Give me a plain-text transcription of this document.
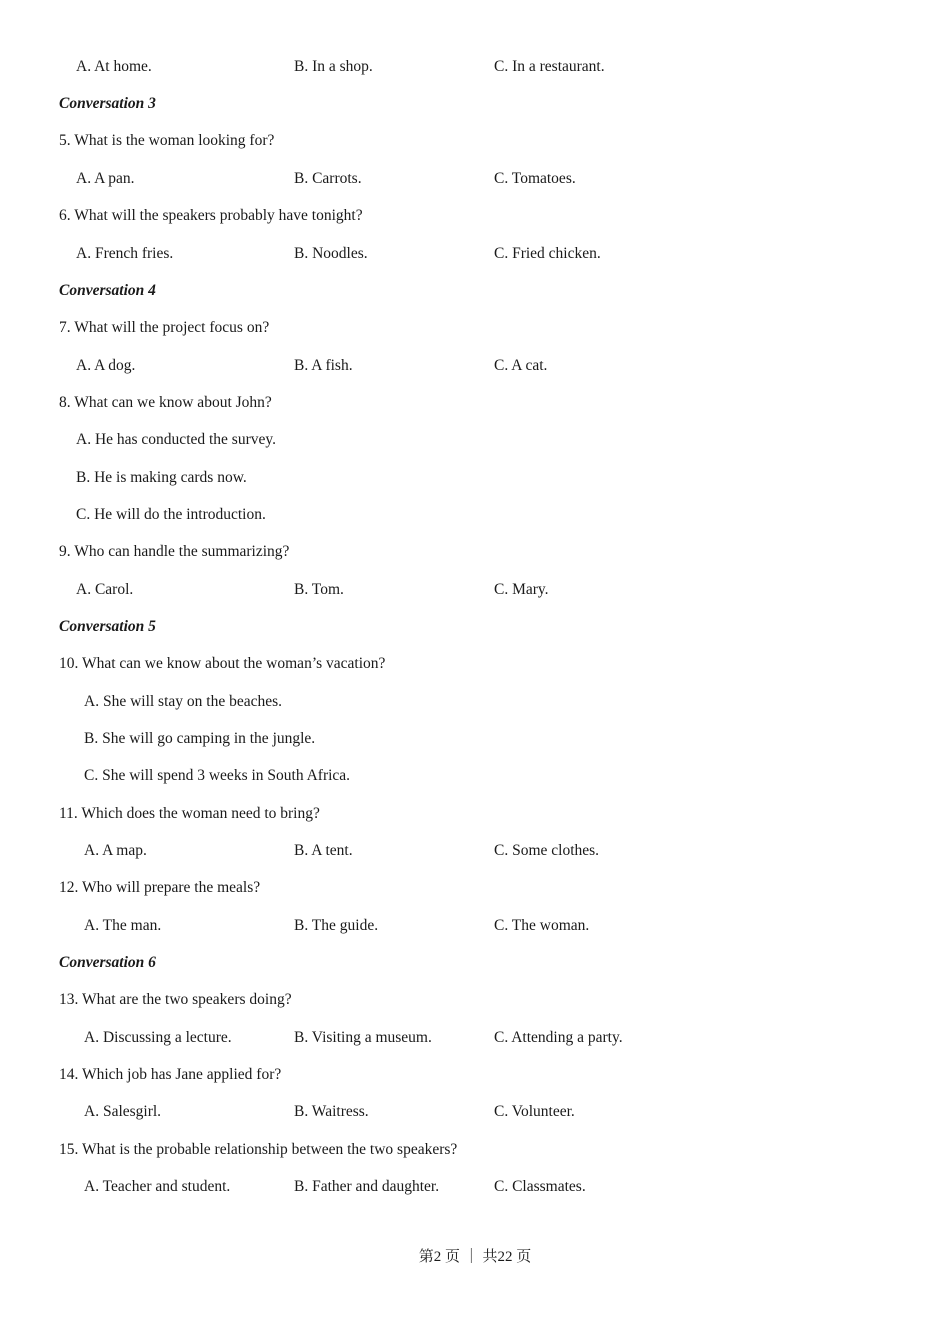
A. At home.	B. In a shop.	C. In a restaurant.
Conversation 3
5. What is the woman looking for?
A. A pan.	B. Carrots.	C. Tomatoes.
6. What will the speakers probably have tonight?
A. French fries.	B. Noodles.	C. Fried chicken.
Conversation 4
7. What will the project focus on?
A. A dog.	B. A fish.	C. A cat.
8. What can we know about John?
A. He has conducted the survey.
B. He is making cards now.
C. He will do the introduction.
9. Who can handle the summarizing?
A. Carol.	B. Tom.	C. Mary.
Conversation 5
10. What can we know about the woman’s vacation?
A. She will stay on the beaches.
B. She will go camping in the jungle.
C. She will spend 3 weeks in South Africa.
11. Which does the woman need to bring?
A. A map.	B. A tent.	C. Some clothes.
12. Who will prepare the meals?
A. The man.	B. The guide.	C. The woman.
Conversation 6
13. What are the two speakers doing?
A. Discussing a lecture.	B. Visiting a museum.	C. Attending a party.
14. Which job has Jane applied for?
A. Salesgirl.	B. Waitress.	C. Volunteer.
15. What is the probable relationship between the two speakers?
A. Teacher and student.	B. Father and daughter.	C. Classmates.
第2 页 ｜ 共22 页
